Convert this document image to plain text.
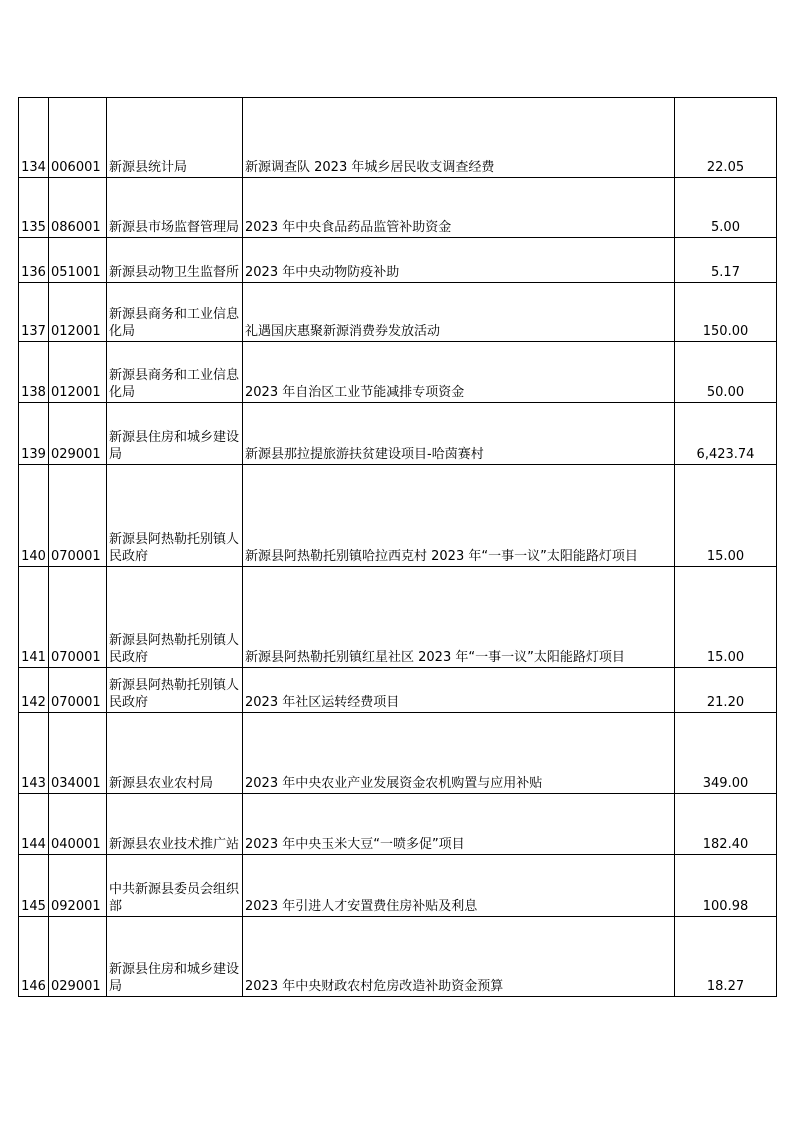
134	006001	新源县统计局	新源调查队 2023 年城乡居民收支调查经费	22.05
135	086001	新源县市场监督管理局	2023 年中央食品药品监管补助资金	5.00
136	051001	新源县动物卫生监督所	2023 年中央动物防疫补助	5.17
137	012001	新源县商务和工业信息化局	礼遇国庆惠聚新源消费券发放活动	150.00
138	012001	新源县商务和工业信息化局	2023 年自治区工业节能减排专项资金	50.00
139	029001	新源县住房和城乡建设局	新源县那拉提旅游扶贫建设项目-哈茵赛村	6,423.74
140	070001	新源县阿热勒托别镇人民政府	新源县阿热勒托别镇哈拉西克村 2023 年“一事一议”太阳能路灯项目	15.00
141	070001	新源县阿热勒托别镇人民政府	新源县阿热勒托别镇红星社区 2023 年“一事一议”太阳能路灯项目	15.00
142	070001	新源县阿热勒托别镇人民政府	2023 年社区运转经费项目	21.20
143	034001	新源县农业农村局	2023 年中央农业产业发展资金农机购置与应用补贴	349.00
144	040001	新源县农业技术推广站	2023 年中央玉米大豆“一喷多促”项目	182.40
145	092001	中共新源县委员会组织部	2023 年引进人才安置费住房补贴及利息	100.98
146	029001	新源县住房和城乡建设局	2023 年中央财政农村危房改造补助资金预算	18.27
